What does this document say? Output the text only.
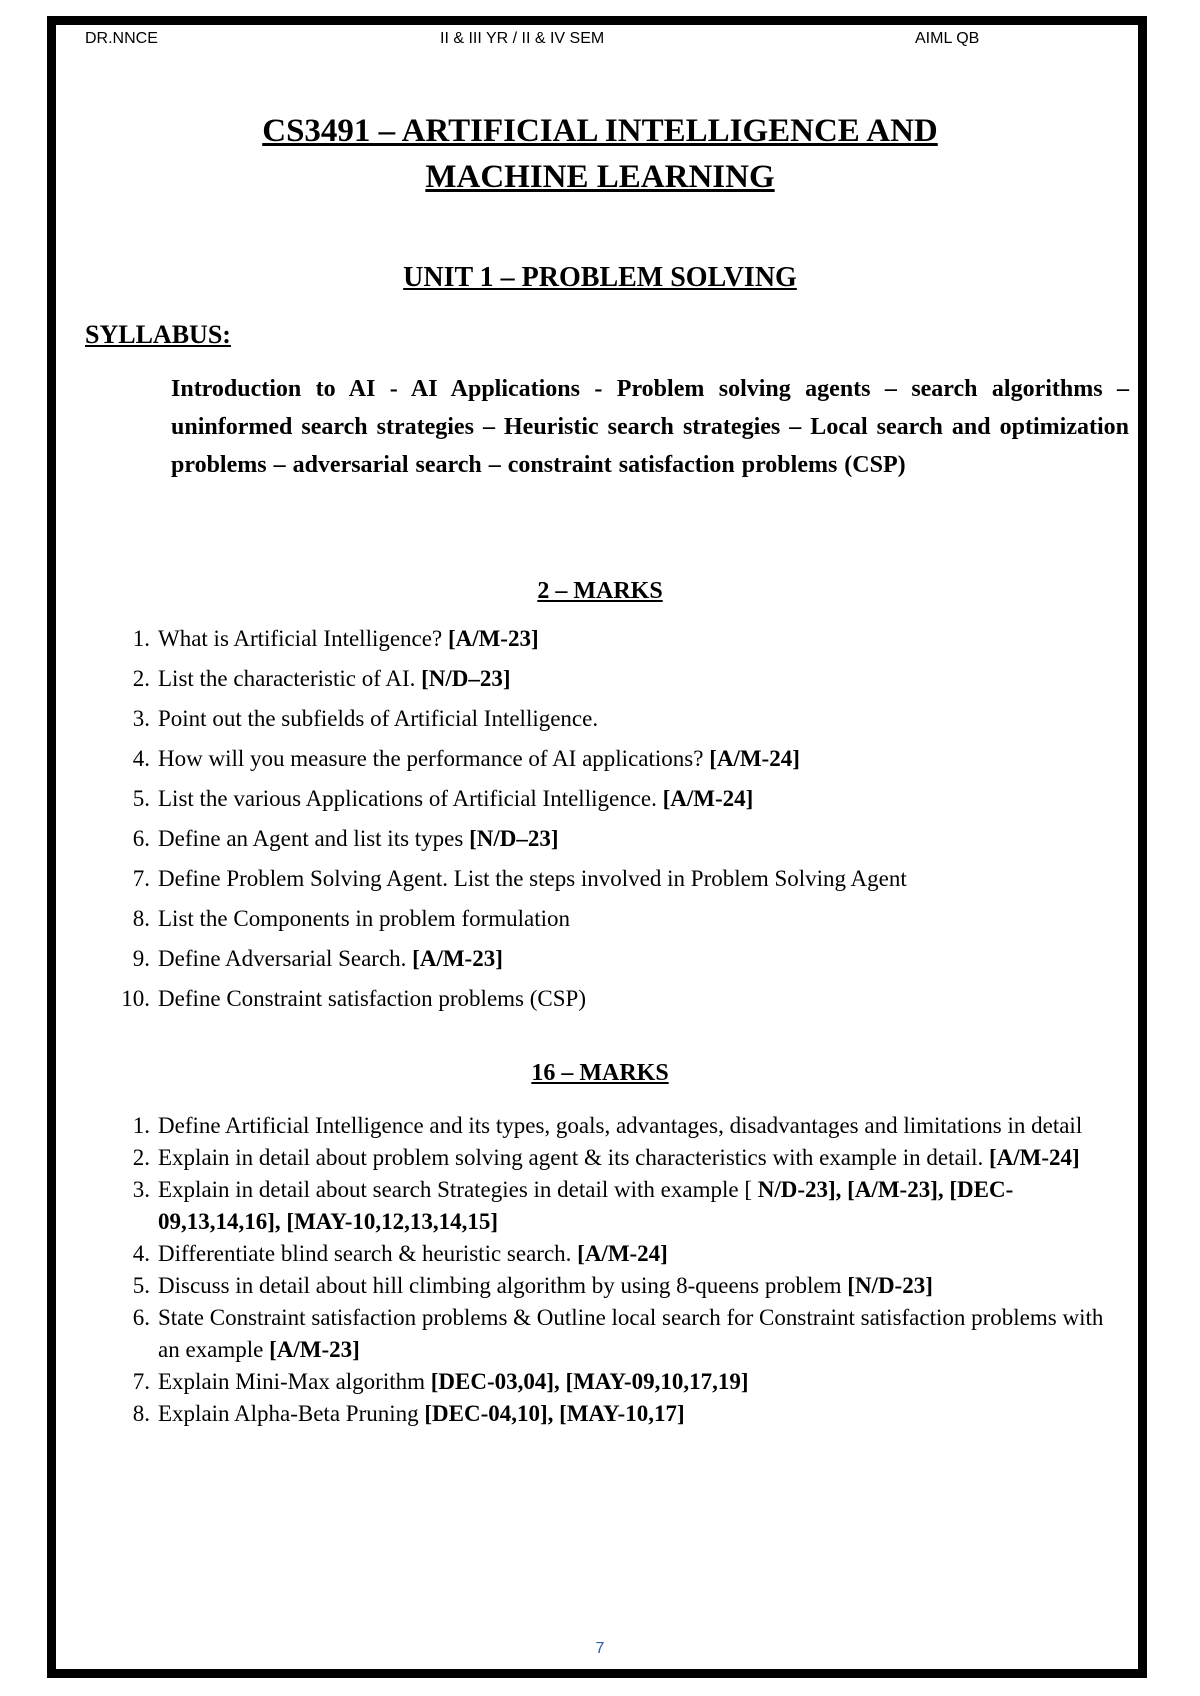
DR.NNCE	II & III YR / II & IV SEM	AIML QB
CS3491 – ARTIFICIAL INTELLIGENCE AND
MACHINE LEARNING
UNIT 1 – PROBLEM SOLVING
SYLLABUS:
Introduction to AI - AI Applications - Problem solving agents – search algorithms – uninformed search strategies – Heuristic search strategies – Local search and optimization problems – adversarial search – constraint satisfaction problems (CSP)
2 – MARKS
1. What is Artificial Intelligence? [A/M-23]
2. List the characteristic of AI. [N/D–23]
3. Point out the subfields of Artificial Intelligence.
4. How will you measure the performance of AI applications? [A/M-24]
5. List the various Applications of Artificial Intelligence. [A/M-24]
6. Define an Agent and list its types [N/D–23]
7. Define Problem Solving Agent. List the steps involved in Problem Solving Agent
8. List the Components in problem formulation
9. Define Adversarial Search. [A/M-23]
10. Define Constraint satisfaction problems (CSP)
16 – MARKS
1. Define Artificial Intelligence and its types, goals, advantages, disadvantages and limitations in detail
2. Explain in detail about problem solving agent & its characteristics with example in detail. [A/M-24]
3. Explain in detail about search Strategies in detail with example [ N/D-23], [A/M-23], [DEC-09,13,14,16], [MAY-10,12,13,14,15]
4. Differentiate blind search & heuristic search. [A/M-24]
5. Discuss in detail about hill climbing algorithm by using 8-queens problem [N/D-23]
6. State Constraint satisfaction problems & Outline local search for Constraint satisfaction problems with an example [A/M-23]
7. Explain Mini-Max algorithm [DEC-03,04], [MAY-09,10,17,19]
8. Explain Alpha-Beta Pruning [DEC-04,10], [MAY-10,17]
7
